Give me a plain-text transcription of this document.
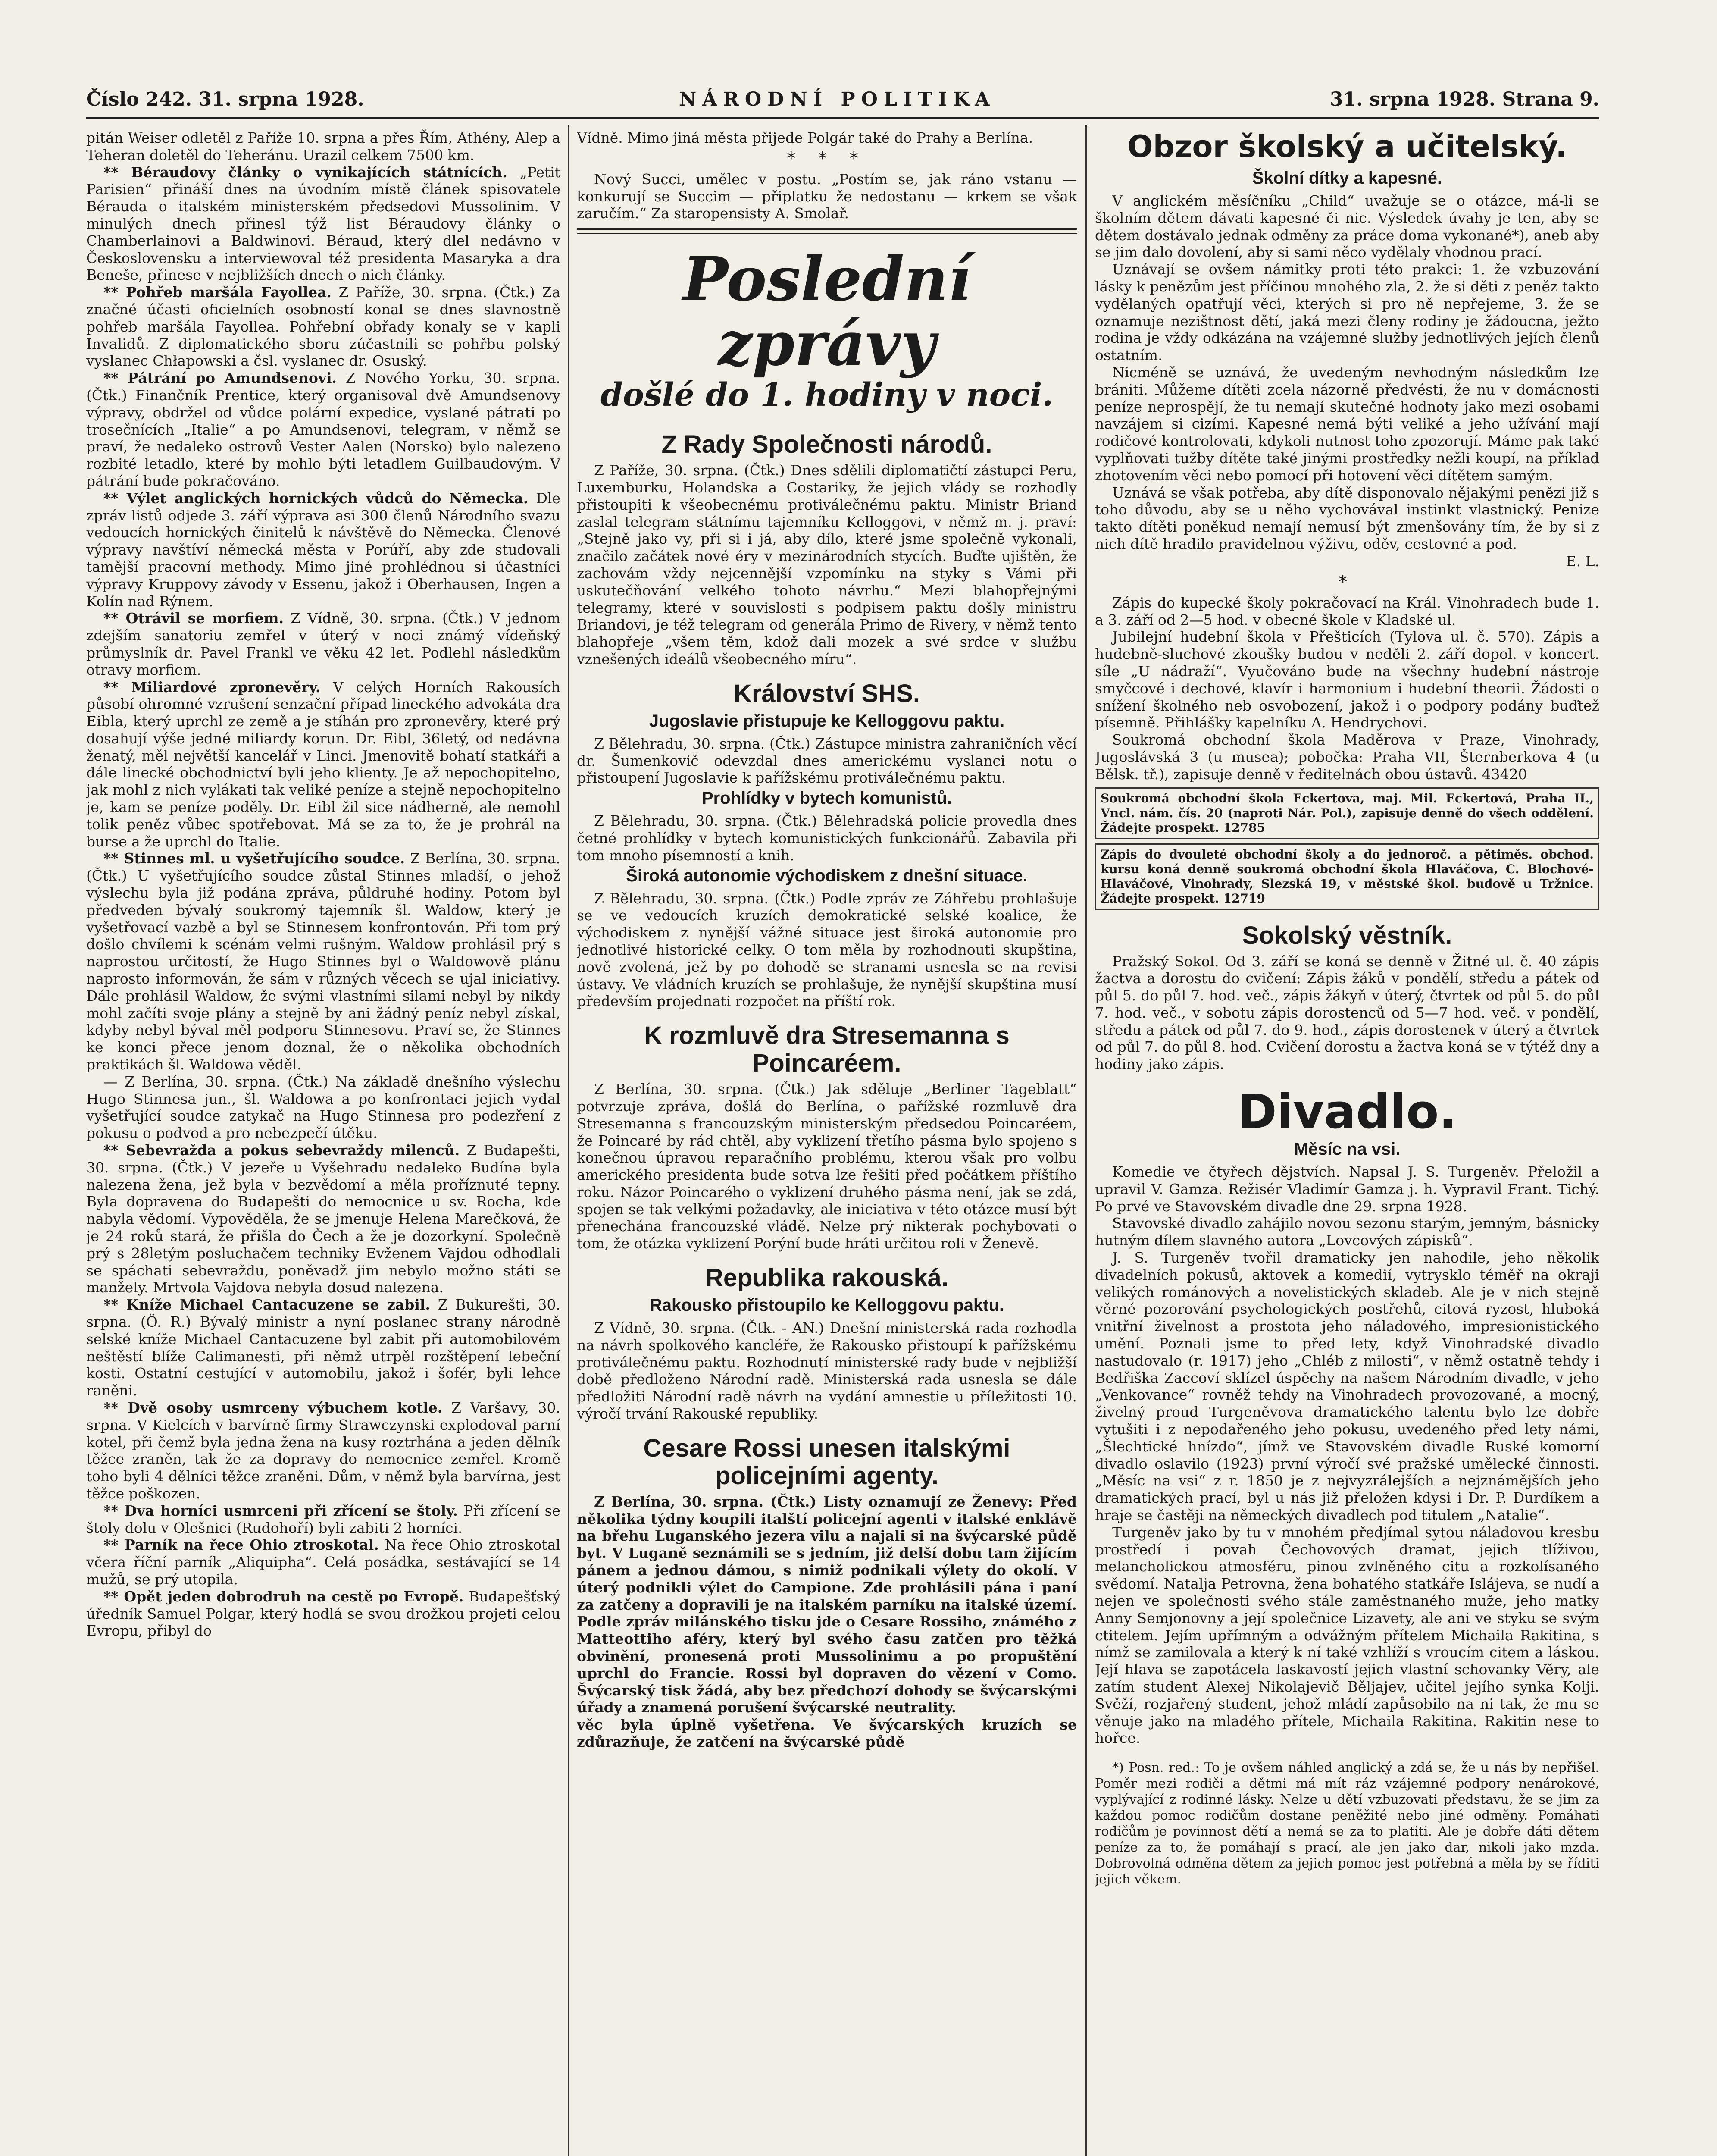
Číslo 242. 31. srpna 1928.	NÁRODNÍ POLITIKA	31. srpna 1928. Strana 9.

pitán Weiser odletěl z Paříže 10. srpna a přes Řím, Athény, Alep a Teheran doletěl do Teheránu. Urazil celkem 7500 km.

** Béraudovy články o vynikajících státnících. „Petit Parisien“ přináší dnes na úvodním místě článek spisovatele Bérauda o italském ministerském předsedovi Mussolinim. V minulých dnech přinesl týž list Béraudovy články o Chamberlainovi a Baldwinovi. Béraud, který dlel nedávno v Československu a interviewoval též presidenta Masaryka a dra Beneše, přinese v nejbližších dnech o nich články.

** Pohřeb maršála Fayollea. Z Paříže, 30. srpna. (Čtk.) Za značné účasti oficielních osobností konal se dnes slavnostně pohřeb maršála Fayollea. Pohřební obřady konaly se v kapli Invalidů. Z diplomatického sboru zúčastnili se pohřbu polský vyslanec Chłapowski a čsl. vyslanec dr. Osuský.

** Pátrání po Amundsenovi. Z Nového Yorku, 30. srpna. (Čtk.) Finančník Prentice, který organisoval dvě Amundsenovy výpravy, obdržel od vůdce polární expedice, vyslané pátrati po trosečnících „Italie“ a po Amundsenovi, telegram, v němž se praví, že nedaleko ostrovů Vester Aalen (Norsko) bylo nalezeno rozbité letadlo, které by mohlo býti letadlem Guilbaudovým. V pátrání bude pokračováno.

** Výlet anglických hornických vůdců do Německa. Dle zpráv listů odjede 3. září výprava asi 300 členů Národního svazu vedoucích hornických činitelů k návštěvě do Německa. Členové výpravy navštíví německá města v Porúří, aby zde studovali tamější pracovní methody. Mimo jiné prohlédnou si účastníci výpravy Kruppovy závody v Essenu, jakož i Oberhausen, Ingen a Kolín nad Rýnem.

** Otrávil se morfiem. Z Vídně, 30. srpna. (Čtk.) V jednom zdejším sanatoriu zemřel v úterý v noci známý vídeňský průmyslník dr. Pavel Frankl ve věku 42 let. Podlehl následkům otravy morfiem.

** Miliardové zpronevěry. V celých Horních Rakousích působí ohromné vzrušení senzační případ lineckého advokáta dra Eibla, který uprchl ze země a je stíhán pro zpronevěry, které prý dosahují výše jedné miliardy korun. Dr. Eibl, 36letý, od nedávna ženatý, měl největší kancelář v Linci. Jmenovitě bohatí statkáři a dále linecké obchodnictví byli jeho klienty. Je až nepochopitelno, jak mohl z nich vylákati tak veliké peníze a stejně nepochopitelno je, kam se peníze poděly. Dr. Eibl žil sice nádherně, ale nemohl tolik peněz vůbec spotřebovat. Má se za to, že je prohrál na burse a že uprchl do Italie.

** Stinnes ml. u vyšetřujícího soudce. Z Berlína, 30. srpna. (Čtk.) U vyšetřujícího soudce zůstal Stinnes mladší, o jehož výslechu byla již podána zpráva, půldruhé hodiny. Potom byl předveden bývalý soukromý tajemník šl. Waldow, který je vyšetřovací vazbě a byl se Stinnesem konfrontován. Při tom prý došlo chvílemi k scénám velmi rušným. Waldow prohlásil prý s naprostou určitostí, že Hugo Stinnes byl o Waldowově plánu naprosto informován, že sám v různých věcech se ujal iniciativy. Dále prohlásil Waldow, že svými vlastními silami nebyl by nikdy mohl začíti svoje plány a stejně by ani žádný peníz nebyl získal, kdyby nebyl býval měl podporu Stinnesovu. Praví se, že Stinnes ke konci přece jenom doznal, že o několika obchodních praktikách šl. Waldowa věděl.

— Z Berlína, 30. srpna. (Čtk.) Na základě dnešního výslechu Hugo Stinnesa jun., šl. Waldowa a po konfrontaci jejich vydal vyšetřující soudce zatykač na Hugo Stinnesa pro podezření z pokusu o podvod a pro nebezpečí útěku.

** Sebevražda a pokus sebevraždy milenců. Z Budapešti, 30. srpna. (Čtk.) V jezeře u Vyšehradu nedaleko Budína byla nalezena žena, jež byla v bezvědomí a měla proříznuté tepny. Byla dopravena do Budapešti do nemocnice u sv. Rocha, kde nabyla vědomí. Vypověděla, že se jmenuje Helena Marečková, že je 24 roků stará, že přišla do Čech a že je dozorkyní. Společně prý s 28letým posluchačem techniky Evženem Vajdou odhodlali se spáchati sebevraždu, poněvadž jim nebylo možno státi se manžely. Mrtvola Vajdova nebyla dosud nalezena.

** Kníže Michael Cantacuzene se zabil. Z Bukurešti, 30. srpna. (Ö. R.) Bývalý ministr a nyní poslanec strany národně selské kníže Michael Cantacuzene byl zabit při automobilovém neštěstí blíže Calimanesti, při němž utrpěl rozštěpení lebeční kosti. Ostatní cestující v automobilu, jakož i šofér, byli lehce raněni.

** Dvě osoby usmrceny výbuchem kotle. Z Varšavy, 30. srpna. V Kielcích v barvírně firmy Strawczynski explodoval parní kotel, při čemž byla jedna žena na kusy roztrhána a jeden dělník těžce zraněn, tak že za dopravy do nemocnice zemřel. Kromě toho byli 4 dělníci těžce zraněni. Dům, v němž byla barvírna, jest těžce poškozen.

** Dva horníci usmrceni při zřícení se štoly. Při zřícení se štoly dolu v Olešnici (Rudohoří) byli zabiti 2 horníci.

** Parník na řece Ohio ztroskotal. Na řece Ohio ztroskotal včera říční parník „Aliquipha“. Celá posádka, sestávající se 14 mužů, se prý utopila.

** Opět jeden dobrodruh na cestě po Evropě. Budapešťský úředník Samuel Polgar, který hodlá se svou drožkou projeti celou Evropu, přibyl do

Vídně. Mimo jiná města přijede Polgár také do Prahy a Berlína.

* * *

Nový Succi, umělec v postu. „Postím se, jak ráno vstanu — konkurují se Succim — připlatku že nedostanu — krkem se však zaručím.“ Za staropensisty A. Smolař.

Poslední zprávy
došlé do 1. hodiny v noci.
Z Rady Společnosti národů.

Z Paříže, 30. srpna. (Čtk.) Dnes sdělili diplomatičtí zástupci Peru, Luxemburku, Holandska a Costariky, že jejich vlády se rozhodly přistoupiti k všeobecnému protiválečnému paktu. Ministr Briand zaslal telegram státnímu tajemníku Kelloggovi, v němž m. j. praví: „Stejně jako vy, při si i já, aby dílo, které jsme společně vykonali, značilo začátek nové éry v mezinárodních stycích. Buďte ujištěn, že zachovám vždy nejcennější vzpomínku na styky s Vámi při uskutečňování velkého tohoto návrhu.“ Mezi blahopřejnými telegramy, které v souvislosti s podpisem paktu došly ministru Briandovi, je též telegram od generála Primo de Rivery, v němž tento blahopřeje „všem těm, kdož dali mozek a své srdce v službu vznešených ideálů všeobecného míru“.

Království SHS.
Jugoslavie přistupuje ke Kelloggovu paktu.

Z Bělehradu, 30. srpna. (Čtk.) Zástupce ministra zahraničních věcí dr. Šumenkovič odevzdal dnes americkému vyslanci notu o přistoupení Jugoslavie k pařížskému protiválečnému paktu.

Prohlídky v bytech komunistů.

Z Bělehradu, 30. srpna. (Čtk.) Bělehradská policie provedla dnes četné prohlídky v bytech komunistických funkcionářů. Zabavila při tom mnoho písemností a knih.

Široká autonomie východiskem z dnešní situace.

Z Bělehradu, 30. srpna. (Čtk.) Podle zpráv ze Záhřebu prohlašuje se ve vedoucích kruzích demokratické selské koalice, že východiskem z nynější vážné situace jest široká autonomie pro jednotlivé historické celky. O tom měla by rozhodnouti skupština, nově zvolená, jež by po dohodě se stranami usnesla se na revisi ústavy. Ve vládních kruzích se prohlašuje, že nynější skupština musí především projednati rozpočet na příští rok.

K rozmluvě dra Stresemanna s Poincaréem.

Z Berlína, 30. srpna. (Čtk.) Jak sděluje „Berliner Tageblatt“ potvrzuje zpráva, došlá do Berlína, o pařížské rozmluvě dra Stresemanna s francouzským ministerským předsedou Poincaréem, že Poincaré by rád chtěl, aby vyklizení třetího pásma bylo spojeno s konečnou úpravou reparačního problému, kterou však pro volbu amerického presidenta bude sotva lze řešiti před počátkem příštího roku. Názor Poincarého o vyklizení druhého pásma není, jak se zdá, spojen se tak velkými požadavky, ale iniciativa v této otázce musí být přenechána francouzské vládě. Nelze prý nikterak pochybovati o tom, že otázka vyklizení Porýní bude hráti určitou roli v Ženevě.

Republika rakouská.
Rakousko přistoupilo ke Kelloggovu paktu.

Z Vídně, 30. srpna. (Čtk. - AN.) Dnešní ministerská rada rozhodla na návrh spolkového kancléře, že Rakousko přistoupí k pařížskému protiválečnému paktu. Rozhodnutí ministerské rady bude v nejbližší době předloženo Národní radě. Ministerská rada usnesla se dále předložiti Národní radě návrh na vydání amnestie u příležitosti 10. výročí trvání Rakouské republiky.

Cesare Rossi unesen italskými policejními agenty.

Z Berlína, 30. srpna. (Čtk.) Listy oznamují ze Ženevy: Před několika týdny koupili italští policejní agenti v italské enklávě na břehu Luganského jezera vilu a najali si na švýcarské půdě byt. V Luganě seznámili se s jedním, již delší dobu tam žijícím pánem a jednou dámou, s nimiž podnikali výlety do okolí. V úterý podnikli výlet do Campione. Zde prohlásili pána i paní za zatčeny a dopravili je na italském parníku na italské území. Podle zpráv milánského tisku jde o Cesare Rossiho, známého z Matteottiho aféry, který byl svého času zatčen pro těžká obvinění, pronesená proti Mussolinimu a po propuštění uprchl do Francie. Rossi byl dopraven do vězení v Como. Švýcarský tisk žádá, aby bez předchozí dohody se švýcarskými úřady a znamená porušení švýcarské neutrality.

věc byla úplně vyšetřena. Ve švýcarských kruzích se zdůrazňuje, že zatčení na švýcarské půdě

Obzor školský a učitelský.
Školní dítky a kapesné.

V anglickém měsíčníku „Child“ uvažuje se o otázce, má-li se školním dětem dávati kapesné či nic. Výsledek úvahy je ten, aby se dětem dostávalo jednak odměny za práce doma vykonané*), aneb aby se jim dalo dovolení, aby si sami něco vydělaly vhodnou prací.

Uznávají se ovšem námitky proti této prakci: 1. že vzbuzování lásky k penězům jest příčinou mnohého zla, 2. že si děti z peněz takto vydělaných opatřují věci, kterých si pro ně nepřejeme, 3. že se oznamuje nezištnost dětí, jaká mezi členy rodiny je žádoucna, ježto rodina je vždy odkázána na vzájemné služby jednotlivých jejích členů ostatním.

Nicméně se uznává, že uvedeným nevhodným následkům lze brániti. Můžeme dítěti zcela názorně předvésti, že nu v domácnosti peníze neprospějí, že tu nemají skutečné hodnoty jako mezi osobami navzájem si cizími. Kapesné nemá býti veliké a jeho užívání mají rodičové kontrolovati, kdykoli nutnost toho zpozorují. Máme pak také vyplňovati tužby dítěte také jinými prostředky nežli koupí, na příklad zhotovením věci nebo pomocí při hotovení věci dítětem samým.

Uznává se však potřeba, aby dítě disponovalo nějakými penězi již s toho důvodu, aby se u něho vychovával instinkt vlastnický. Penize takto dítěti poněkud nemají nemusí být zmenšovány tím, že by si z nich dítě hradilo pravidelnou výživu, oděv, cestovné a pod.

E. L.
*

Zápis do kupecké školy pokračovací na Král. Vinohradech bude 1. a 3. září od 2—5 hod. v obecné škole v Kladské ul.

Jubilejní hudební škola v Přešticích (Tylova ul. č. 570). Zápis a hudebně-sluchové zkoušky budou v neděli 2. září dopol. v koncert. síle „U nádraží“. Vyučováno bude na všechny hudební nástroje smyčcové i dechové, klavír i harmonium i hudební theorii. Žádosti o snížení školného neb osvobození, jakož i o podpory podány buďtež písemně. Přihlášky kapelníku A. Hendrychovi.

Soukromá obchodní škola Maděrova v Praze, Vinohrady, Jugoslávská 3 (u musea); pobočka: Praha VII, Šternberkova 4 (u Bělsk. tř.), zapisuje denně v ředitelnách obou ústavů. 43420

Soukromá obchodní škola Eckertova, maj. Mil. Eckertová, Praha II., Vncl. nám. čís. 20 (naproti Nár. Pol.), zapisuje denně do všech oddělení. Žádejte prospekt. 12785

Zápis do dvouleté obchodní školy a do jednoroč. a pětiměs. obchod. kursu koná denně soukromá obchodní škola Hlaváčova, C. Blochové-Hlaváčové, Vinohrady, Slezská 19, v městské škol. budově u Tržnice. Žádejte prospekt. 12719

Sokolský věstník.

Pražský Sokol. Od 3. září se koná se denně v Žitné ul. č. 40 zápis žactva a dorostu do cvičení: Zápis žáků v pondělí, středu a pátek od půl 5. do půl 7. hod. več., zápis žákyň v úterý, čtvrtek od půl 5. do půl 7. hod. več., v sobotu zápis dorostenců od 5—7 hod. več. v pondělí, středu a pátek od půl 7. do 9. hod., zápis dorostenek v úterý a čtvrtek od půl 7. do půl 8. hod. Cvičení dorostu a žactva koná se v týtéž dny a hodiny jako zápis.

Divadlo.
Měsíc na vsi.

Komedie ve čtyřech dějstvích. Napsal J. S. Turgeněv. Přeložil a upravil V. Gamza. Režisér Vladimír Gamza j. h. Vypravil Frant. Tichý. Po prvé ve Stavovském divadle dne 29. srpna 1928.

Stavovské divadlo zahájilo novou sezonu starým, jemným, básnicky hutným dílem slavného autora „Lovcových zápisků“.

J. S. Turgeněv tvořil dramaticky jen nahodile, jeho několik divadelních pokusů, aktovek a komedií, vytrysklo téměř na okraji velikých románových a novelistických skladeb. Ale je v nich stejně věrné pozorování psychologických postřehů, citová ryzost, hluboká vnitřní živelnost a prostota jeho náladového, impresionistického umění. Poznali jsme to před lety, když Vinohradské divadlo nastudovalo (r. 1917) jeho „Chléb z milosti“, v němž ostatně tehdy i Bedřiška Zaccoví sklízel úspěchy na našem Národním divadle, v jeho „Venkovance“ rovněž tehdy na Vinohradech provozované, a mocný, živelný proud Turgeněvova dramatického talentu bylo lze dobře vytušiti i z nepodařeného jeho pokusu, uvedeného před lety námi, „Šlechtické hnízdo“, jímž ve Stavovském divadle Ruské komorní divadlo oslavilo (1923) první výročí své pražské umělecké činnosti. „Měsíc na vsi“ z r. 1850 je z nejvyzrálejších a nejznámějších jeho dramatických prací, byl u nás již přeložen kdysi i Dr. P. Durdíkem a hraje se častěji na německých divadlech pod titulem „Natalie“.

Turgeněv jako by tu v mnohém předjímal sytou náladovou kresbu prostředí i povah Čechovových dramat, jejich tlíživou, melancholickou atmosféru, pinou zvlněného citu a rozkolísaného svědomí. Natalja Petrovna, žena bohatého statkáře Islájeva, se nudí a nejen ve společnosti svého stále zaměstnaného muže, jeho matky Anny Semjonovny a její společnice Lizavety, ale ani ve styku se svým ctitelem. Jejím upřímným a odvážným přítelem Michaila Rakitina, s nímž se zamilovala a který k ní také vzhlíží s vroucím citem a láskou. Její hlava se zapotácela laskavostí jejich vlastní schovanky Věry, ale zatím student Alexej Nikolajevič Běljajev, učitel jejího synka Kolji. Svěží, rozjařený student, jehož mládí zapůsobilo na ni tak, že mu se věnuje jako na mladého přítele, Michaila Rakitina. Rakitin nese to hořce.

*) Posn. red.: To je ovšem náhled anglický a zdá se, že u nás by nepřišel. Poměr mezi rodiči a dětmi má mít ráz vzájemné podpory nenárokové, vyplývající z rodinné lásky. Nelze u dětí vzbuzovati představu, že se jim za každou pomoc rodičům dostane peněžité nebo jiné odměny. Pomáhati rodičům je povinnost dětí a nemá se za to platiti. Ale je dobře dáti dětem peníze za to, že pomáhají s prací, ale jen jako dar, nikoli jako mzda. Dobrovolná odměna dětem za jejich pomoc jest potřebná a měla by se říditi jejich věkem.
